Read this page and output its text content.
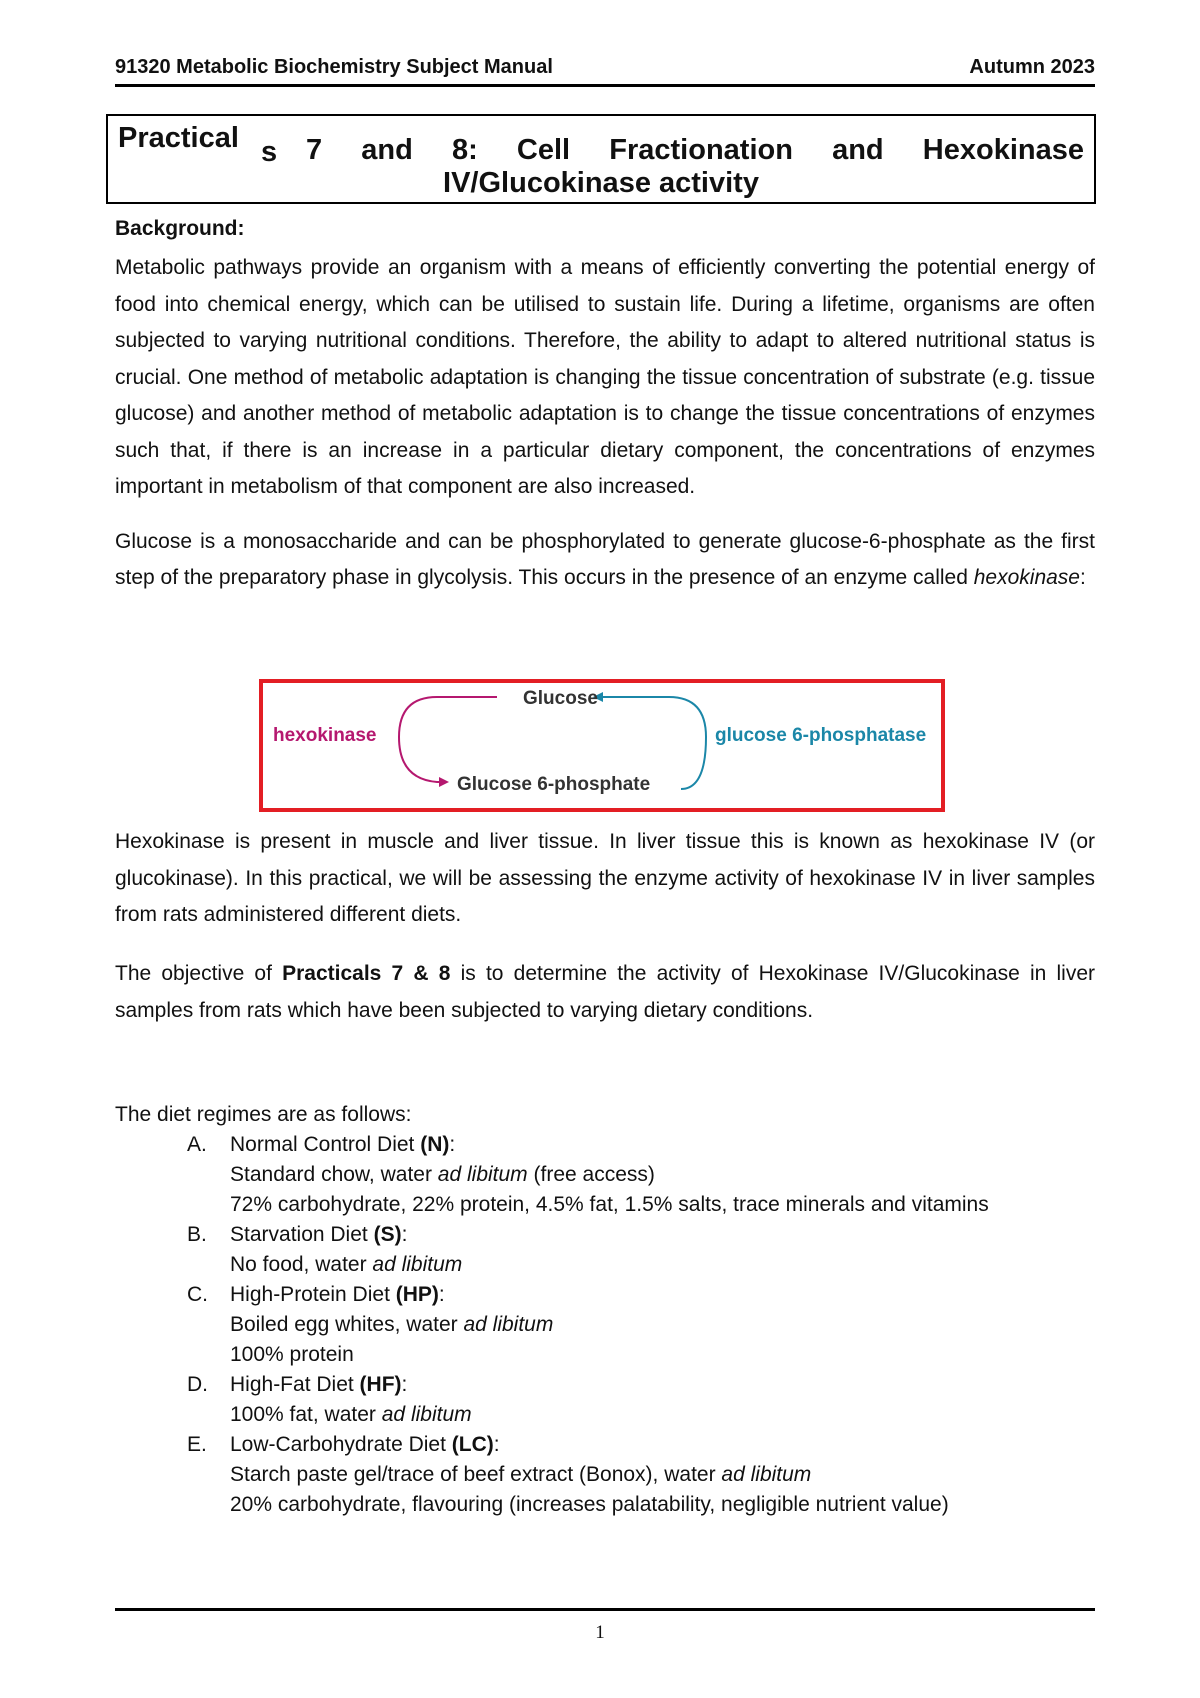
91320 Metabolic Biochemistry Subject Manual	Autumn 2023
Practical s 7 and 8: Cell Fractionation and Hexokinase
IV/Glucokinase activity
Background:

Metabolic pathways provide an organism with a means of efficiently converting the potential energy of food into chemical energy, which can be utilised to sustain life. During a lifetime, organisms are often subjected to varying nutritional conditions. Therefore, the ability to adapt to altered nutritional status is crucial. One method of metabolic adaptation is changing the tissue concentration of substrate (e.g. tissue glucose) and another method of metabolic adaptation is to change the tissue concentrations of enzymes such that, if there is an increase in a particular dietary component, the concentrations of enzymes important in metabolism of that component are also increased.

Glucose is a monosaccharide and can be phosphorylated to generate glucose-6-phosphate as the first step of the preparatory phase in glycolysis. This occurs in the presence of an enzyme called hexokinase:

Glucose
Glucose 6-phosphate
hexokinase	glucose 6-phosphatase

Hexokinase is present in muscle and liver tissue. In liver tissue this is known as hexokinase IV (or glucokinase). In this practical, we will be assessing the enzyme activity of hexokinase IV in liver samples from rats administered different diets.

The objective of Practicals 7 & 8 is to determine the activity of Hexokinase IV/Glucokinase in liver samples from rats which have been subjected to varying dietary conditions.

The diet regimes are as follows:
A. Normal Control Diet (N):
Standard chow, water ad libitum (free access)
72% carbohydrate, 22% protein, 4.5% fat, 1.5% salts, trace minerals and vitamins
B. Starvation Diet (S):
No food, water ad libitum
C. High-Protein Diet (HP):
Boiled egg whites, water ad libitum
100% protein
D. High-Fat Diet (HF):
100% fat, water ad libitum
E. Low-Carbohydrate Diet (LC):
Starch paste gel/trace of beef extract (Bonox), water ad libitum
20% carbohydrate, flavouring (increases palatability, negligible nutrient value)
1
